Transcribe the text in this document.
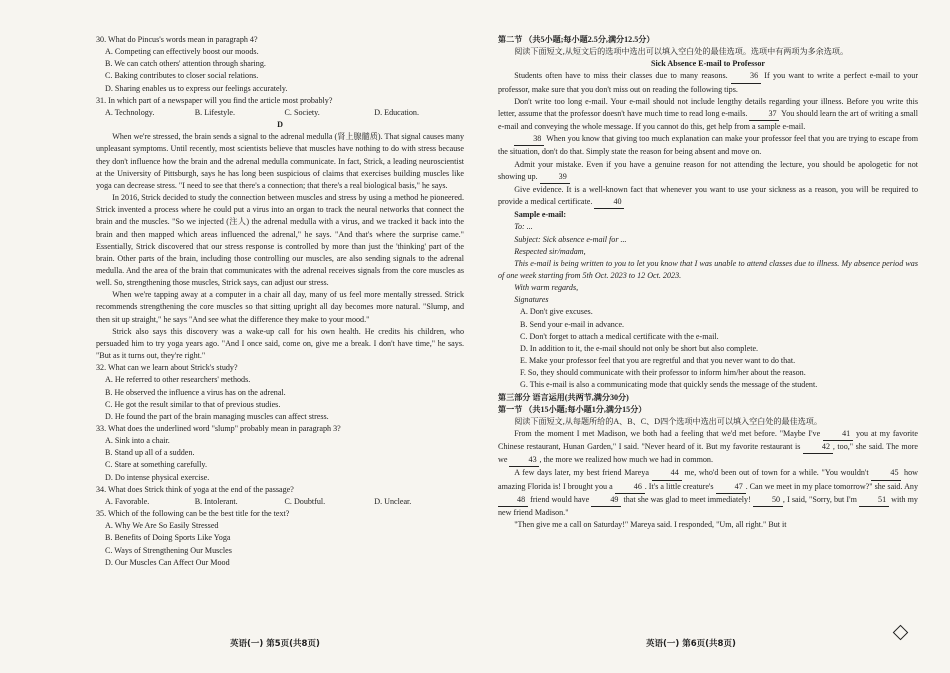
30. What do Pincus's words mean in paragraph 4?
A. Competing can effectively boost our moods.
B. We can catch others' attention through sharing.
C. Baking contributes to closer social relations.
D. Sharing enables us to express our feelings accurately.
31. In which part of a newspaper will you find the article most probably?
A. Technology.	B. Lifestyle.	C. Society.	D. Education.
D
When we're stressed, the brain sends a signal to the adrenal medulla (肾上腺髓质). That signal causes many unpleasant symptoms. Until recently, most scientists believe that muscles have nothing to do with stress because they don't influence how the brain and the adrenal medulla communicate. In fact, Strick, a leading neuroscientist at the University of Pittsburgh, says he has long been suspicious of claims that exercises building muscles like yoga can decrease stress. "I need to see that there's a connection; that there's a real biological basis," he says.
In 2016, Strick decided to study the connection between muscles and stress by using a method he pioneered. Strick invented a process where he could put a virus into an organ to track the neural networks that connect the brain and the muscles. "So we injected (注人) the adrenal medulla with a virus, and we tracked it back into the brain and then mapped which areas influenced the adrenal," he says. "And that's where the surprise came." Essentially, Strick discovered that our stress response is controlled by more than just the 'thinking' part of the brain. Other parts of the brain, including those controlling our muscles, are also sending signals to the adrenal medulla. And the area of the brain that communicates with the adrenal receives signals from the core muscles as well. So, strengthening those muscles, Strick says, can adjust our stress.
When we're tapping away at a computer in a chair all day, many of us feel more mentally stressed. Strick recommends strengthening the core muscles so that sitting upright all day becomes more natural. "Slump, and then sit up straight," he says "And see what the difference they make to your mood."
Strick also says this discovery was a wake-up call for his own health. He credits his children, who persuaded him to try yoga years ago. "And I once said, come on, give me a break. I don't have time," he says. "But as it turns out, they're right."
32. What can we learn about Strick's study?
A. He referred to other researchers' methods.
B. He observed the influence a virus has on the adrenal.
C. He got the result similar to that of previous studies.
D. He found the part of the brain managing muscles can affect stress.
33. What does the underlined word "slump" probably mean in paragraph 3?
A. Sink into a chair.
B. Stand up all of a sudden.
C. Stare at something carefully.
D. Do intense physical exercise.
34. What does Strick think of yoga at the end of the passage?
A. Favorable.	B. Intolerant.	C. Doubtful.	D. Unclear.
35. Which of the following can be the best title for the text?
A. Why We Are So Easily Stressed
B. Benefits of Doing Sports Like Yoga
C. Ways of Strengthening Our Muscles
D. Our Muscles Can Affect Our Mood
第二节 （共5小题;每小题2.5分,满分12.5分）
阅读下面短文,从短文后的选项中选出可以填入空白处的最佳选项。选项中有两项为多余选项。
Sick Absence E-mail to Professor
Students often have to miss their classes due to many reasons.	36 If you want to write a perfect e-mail to your professor, make sure that you don't miss out on reading the following tips.
Don't write too long e-mail. Your e-mail should not include lengthy details regarding your illness. Before you write this letter, assume that the professor doesn't have much time to read long e-mails.	37 You should learn the art of writing a small e-mail and conveying the whole message. If you cannot do this, get help from a sample e-mail.
38 When you know that giving too much explanation can make your professor feel that you are trying to escape from the situation, don't do that. Simply state the reason for being absent and move on.
Admit your mistake. Even if you have a genuine reason for not attending the lecture, you should be apologetic for not showing up.	39
Give evidence. It is a well-known fact that whenever you want to use your sickness as a reason, you will be required to provide a medical certificate.	40
Sample e-mail:
To: ...
Subject: Sick absence e-mail for ...
Respected sir/madam,
This e-mail is being written to you to let you know that I was unable to attend classes due to illness. My absence period was of one week starting from 5th Oct. 2023 to 12 Oct. 2023.
With warm regards,
Signatures
A. Don't give excuses.
B. Send your e-mail in advance.
C. Don't forget to attach a medical certificate with the e-mail.
D. In addition to it, the e-mail should not only be short but also complete.
E. Make your professor feel that you are regretful and that you never want to do that.
F. So, they should communicate with their professor to inform him/her about the reason.
G. This e-mail is also a communicating mode that quickly sends the message of the student.
第三部分 语言运用(共两节,满分30分)
第一节 （共15小题;每小题1分,满分15分）
阅读下面短文,从每题所给的A、B、C、D四个选项中选出可以填入空白处的最佳选项。
From the moment I met Madison, we both had a feeling that we'd met before. "Maybe I've	41 you at my favorite Chinese restaurant, Hunan Garden," I said. "Never heard of it. But my favorite restaurant is	42 , too," she said. The more we	43 , the more we realized how much we had in common.
A few days later, my best friend Mareya	44 me, who'd been out of town for a while. "You wouldn't	45 how amazing Florida is! I brought you a	46 . It's a little creature's	47 . Can we meet in my place tomorrow?" she said. Any 48 friend would have	49 that she was glad to meet immediately!	50 , I said, "Sorry, but I'm	51 with my new friend Madison."
"Then give me a call on Saturday!" Mareya said. I responded, "Um, all right." But it
英语(一) 第5页(共8页)	英语(一) 第6页(共8页)
